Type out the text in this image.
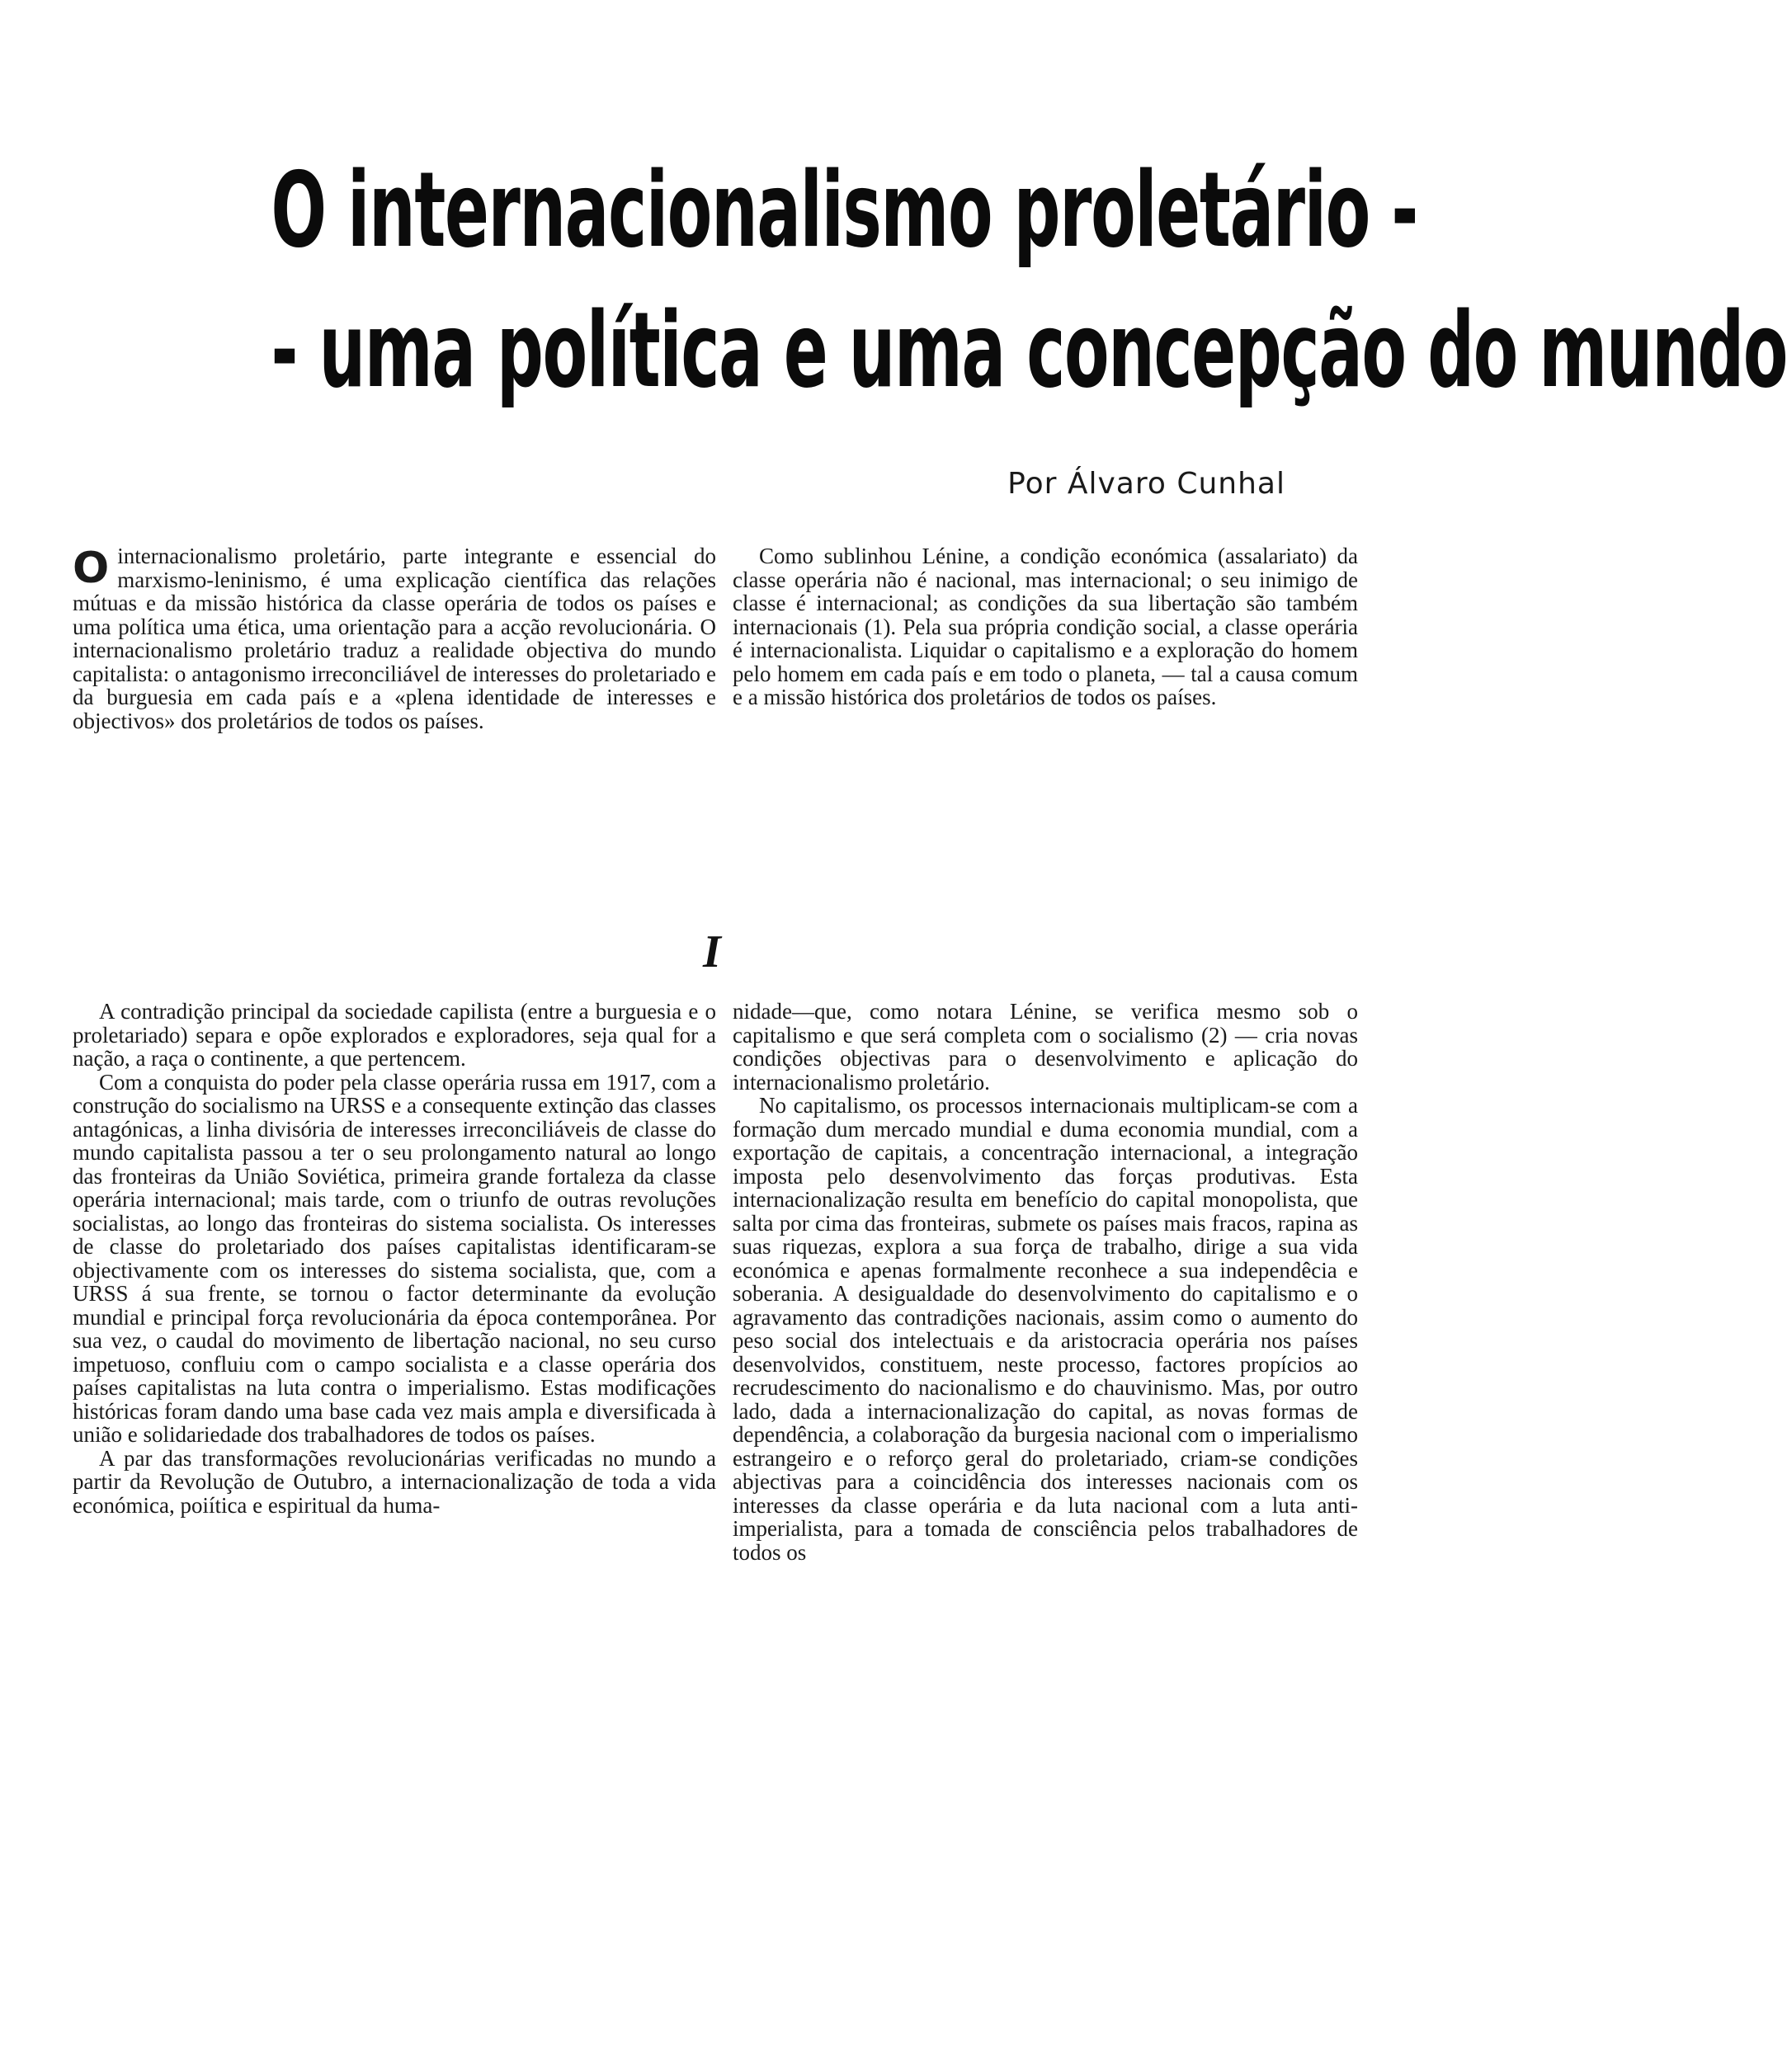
O internacionalismo proletário -
- uma política e uma concepção do mundo
Por Álvaro Cunhal

Ointernacionalismo proletário, parte integrante e essencial do marxismo-leninismo, é uma explicação científica das relações mútuas e da missão histórica da classe operária de todos os países e uma política uma ética, uma orientação para a acção revolucionária. O internacionalismo proletário traduz a realidade objectiva do mundo capitalista: o antagonismo irreconciliável de interesses do proletariado e da burguesia em cada país e a «plena identidade de interesses e objectivos» dos proletários de todos os países.

Como sublinhou Lénine, a condição económica (assalariato) da classe operária não é nacional, mas internacional; o seu inimigo de classe é internacional; as condições da sua libertação são também internacionais (1). Pela sua própria condição social, a classe operária é internacionalista. Liquidar o capitalismo e a exploração do homem pelo homem em cada país e em todo o planeta, — tal a causa comum e a missão histórica dos proletários de todos os países.

I

A contradição principal da sociedade capilista (entre a burguesia e o proletariado) separa e opõe explorados e exploradores, seja qual for a nação, a raça o continente, a que pertencem.

Com a conquista do poder pela classe operária russa em 1917, com a construção do socialismo na URSS e a consequente extinção das classes antagónicas, a linha divisória de interesses irreconciliáveis de classe do mundo capitalista passou a ter o seu prolongamento natural ao longo das fronteiras da União Soviética, primeira grande fortaleza da classe operária internacional; mais tarde, com o triunfo de outras revoluções socialistas, ao longo das fronteiras do sistema socialista. Os interesses de classe do proletariado dos países capitalistas identificaram-se objectivamente com os interesses do sistema socialista, que, com a URSS á sua frente, se tornou o factor determinante da evolução mundial e principal força revolucionária da época contemporânea. Por sua vez, o caudal do movimento de libertação nacional, no seu curso impetuoso, confluiu com o campo socialista e a classe operária dos países capitalistas na luta contra o imperialismo. Estas modificações históricas foram dando uma base cada vez mais ampla e diversificada à união e solidariedade dos trabalhadores de todos os países.

A par das transformações revolucionárias verificadas no mundo a partir da Revolução de Outubro, a internacionalização de toda a vida económica, poiítica e espiritual da huma-

nidade—que, como notara Lénine, se verifica mesmo sob o capitalismo e que será completa com o socialismo (2) — cria novas condições objectivas para o desenvolvimento e aplicação do internacionalismo proletário.

No capitalismo, os processos internacionais multiplicam-se com a formação dum mercado mundial e duma economia mundial, com a exportação de capitais, a concentração internacional, a integração imposta pelo desenvolvimento das forças produtivas. Esta internacionalização resulta em benefício do capital monopolista, que salta por cima das fronteiras, submete os países mais fracos, rapina as suas riquezas, explora a sua força de trabalho, dirige a sua vida económica e apenas formalmente reconhece a sua independêcia e soberania. A desigualdade do desenvolvimento do capitalismo e o agravamento das contradições nacionais, assim como o aumento do peso social dos intelectuais e da aristocracia operária nos países desenvolvidos, constituem, neste processo, factores propícios ao recrudescimento do nacionalismo e do chauvinismo. Mas, por outro lado, dada a internacionalização do capital, as novas formas de dependência, a colaboração da burgesia nacional com o imperialismo estrangeiro e o reforço geral do proletariado, criam-se condições abjectivas para a coincidência dos interesses nacionais com os interesses da classe operária e da luta nacional com a luta anti-imperialista, para a tomada de consciência pelos trabalhadores de todos os
